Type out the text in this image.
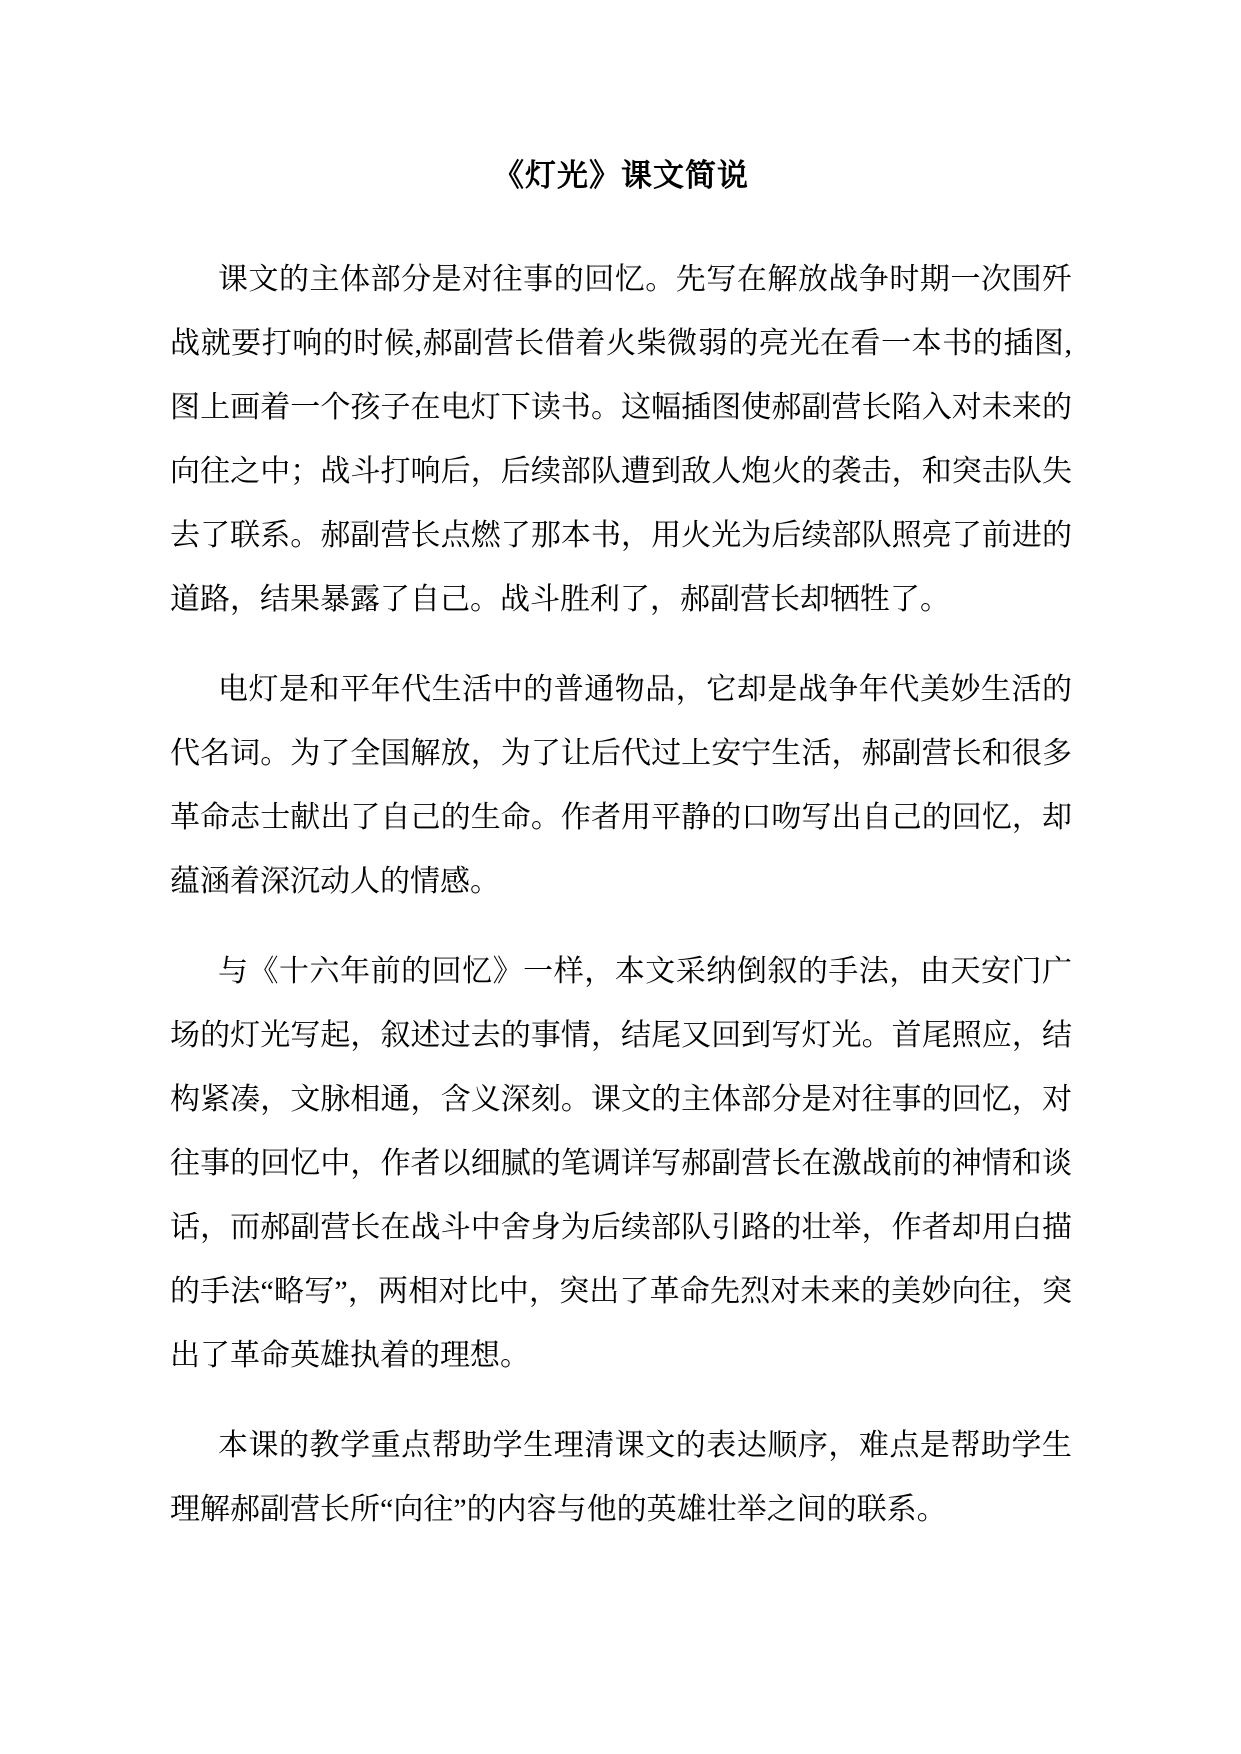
《灯光》课文简说

课文的主体部分是对往事的回忆。先写在解放战争时期一次围歼战就要打响的时候,郝副营长借着火柴微弱的亮光在看一本书的插图,图上画着一个孩子在电灯下读书。这幅插图使郝副营长陷入对未来的向往之中；战斗打响后，后续部队遭到敌人炮火的袭击，和突击队失去了联系。郝副营长点燃了那本书，用火光为后续部队照亮了前进的道路，结果暴露了自己。战斗胜利了，郝副营长却牺牲了。

电灯是和平年代生活中的普通物品，它却是战争年代美妙生活的代名词。为了全国解放，为了让后代过上安宁生活，郝副营长和很多革命志士献出了自己的生命。作者用平静的口吻写出自己的回忆，却蕴涵着深沉动人的情感。

与《十六年前的回忆》一样，本文采纳倒叙的手法，由天安门广场的灯光写起，叙述过去的事情，结尾又回到写灯光。首尾照应，结构紧凑，文脉相通，含义深刻。课文的主体部分是对往事的回忆，对往事的回忆中，作者以细腻的笔调详写郝副营长在激战前的神情和谈话，而郝副营长在战斗中舍身为后续部队引路的壮举，作者却用白描的手法“略写”，两相对比中，突出了革命先烈对未来的美妙向往，突出了革命英雄执着的理想。

本课的教学重点帮助学生理清课文的表达顺序，难点是帮助学生理解郝副营长所“向往”的内容与他的英雄壮举之间的联系。
